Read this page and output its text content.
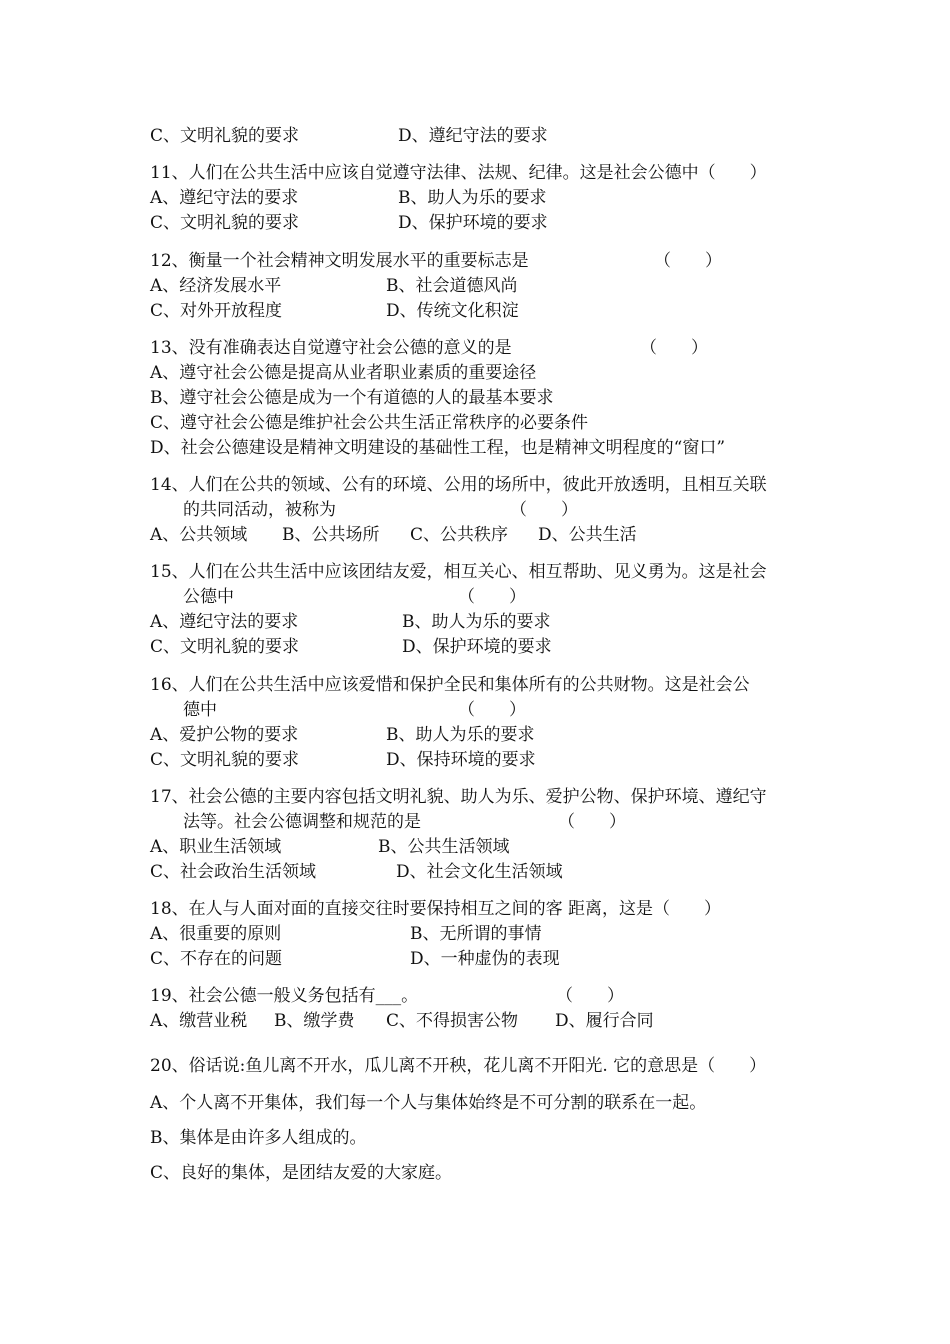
C、文明礼貌的要求	D、遵纪守法的要求
11、人们在公共生活中应该自觉遵守法律、法规、纪律。这是社会公德中（　　）
A、遵纪守法的要求	B、助人为乐的要求
C、文明礼貌的要求	D、保护环境的要求
12、衡量一个社会精神文明发展水平的重要标志是	（　　）
A、经济发展水平	B、社会道德风尚
C、对外开放程度	D、传统文化积淀
13、没有准确表达自觉遵守社会公德的意义的是	（　　）
A、遵守社会公德是提高从业者职业素质的重要途径
B、遵守社会公德是成为一个有道德的人的最基本要求
C、遵守社会公德是维护社会公共生活正常秩序的必要条件
D、社会公德建设是精神文明建设的基础性工程，也是精神文明程度的“窗口”
14、人们在公共的领域、公有的环境、公用的场所中，彼此开放透明，且相互关联
的共同活动，被称为	（　　）
A、公共领域 B、公共场所 C、公共秩序 D、公共生活
15、人们在公共生活中应该团结友爱，相互关心、相互帮助、见义勇为。这是社会
公德中	（　　）
A、遵纪守法的要求	B、助人为乐的要求
C、文明礼貌的要求	D、保护环境的要求
16、人们在公共生活中应该爱惜和保护全民和集体所有的公共财物。这是社会公
德中	（　　）
A、爱护公物的要求	B、助人为乐的要求
C、文明礼貌的要求	D、保持环境的要求
17、社会公德的主要内容包括文明礼貌、助人为乐、爱护公物、保护环境、遵纪守
法等。社会公德调整和规范的是	（　　）
A、职业生活领域	B、公共生活领域
C、社会政治生活领域	D、社会文化生活领域
18、在人与人面对面的直接交往时要保持相互之间的客 距离，这是（　　）
A、很重要的原则	B、无所谓的事情
C、不存在的问题	D、一种虚伪的表现
19、社会公德一般义务包括有___。	（　　）
A、缴营业税 B、缴学费 C、不得损害公物 D、履行合同
20、俗话说:鱼儿离不开水，瓜儿离不开秧，花儿离不开阳光. 它的意思是（　　）
A、个人离不开集体，我们每一个人与集体始终是不可分割的联系在一起。
B、集体是由许多人组成的。
C、良好的集体，是团结友爱的大家庭。
